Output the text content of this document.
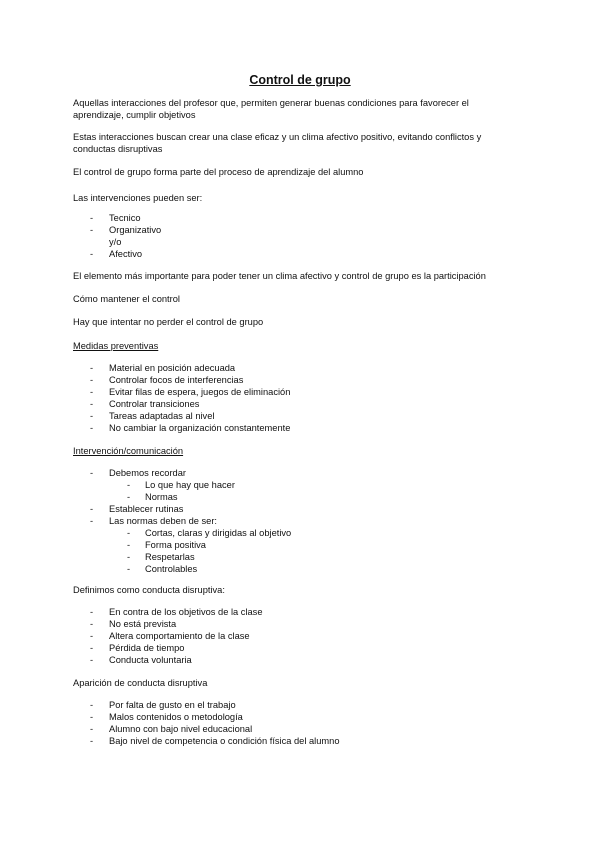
Control de grupo
Aquellas interacciones del profesor que, permiten generar buenas condiciones para favorecer el
aprendizaje, cumplir objetivos
Estas interacciones buscan crear una clase eficaz y un clima afectivo positivo, evitando conflictos y
conductas disruptivas
El control de grupo forma parte del proceso de aprendizaje del alumno
Las intervenciones pueden ser:
- Tecnico
- Organizativo
y/o
- Afectivo
El elemento más importante para poder tener un clima afectivo y control de grupo es la participación
Cómo mantener el control
Hay que intentar no perder el control de grupo
Medidas preventivas
- Material en posición adecuada
- Controlar focos de interferencias
- Evitar filas de espera, juegos de eliminación
- Controlar transiciones
- Tareas adaptadas al nivel
- No cambiar la organización constantemente
Intervención/comunicación
- Debemos recordar
- Lo que hay que hacer
- Normas
- Establecer rutinas
- Las normas deben de ser:
- Cortas, claras y dirigidas al objetivo
- Forma positiva
- Respetarlas
- Controlables
Definimos como conducta disruptiva:
- En contra de los objetivos de la clase
- No está prevista
- Altera comportamiento de la clase
- Pérdida de tiempo
- Conducta voluntaria
Aparición de conducta disruptiva
- Por falta de gusto en el trabajo
- Malos contenidos o metodología
- Alumno con bajo nivel educacional
- Bajo nivel de competencia o condición física del alumno
